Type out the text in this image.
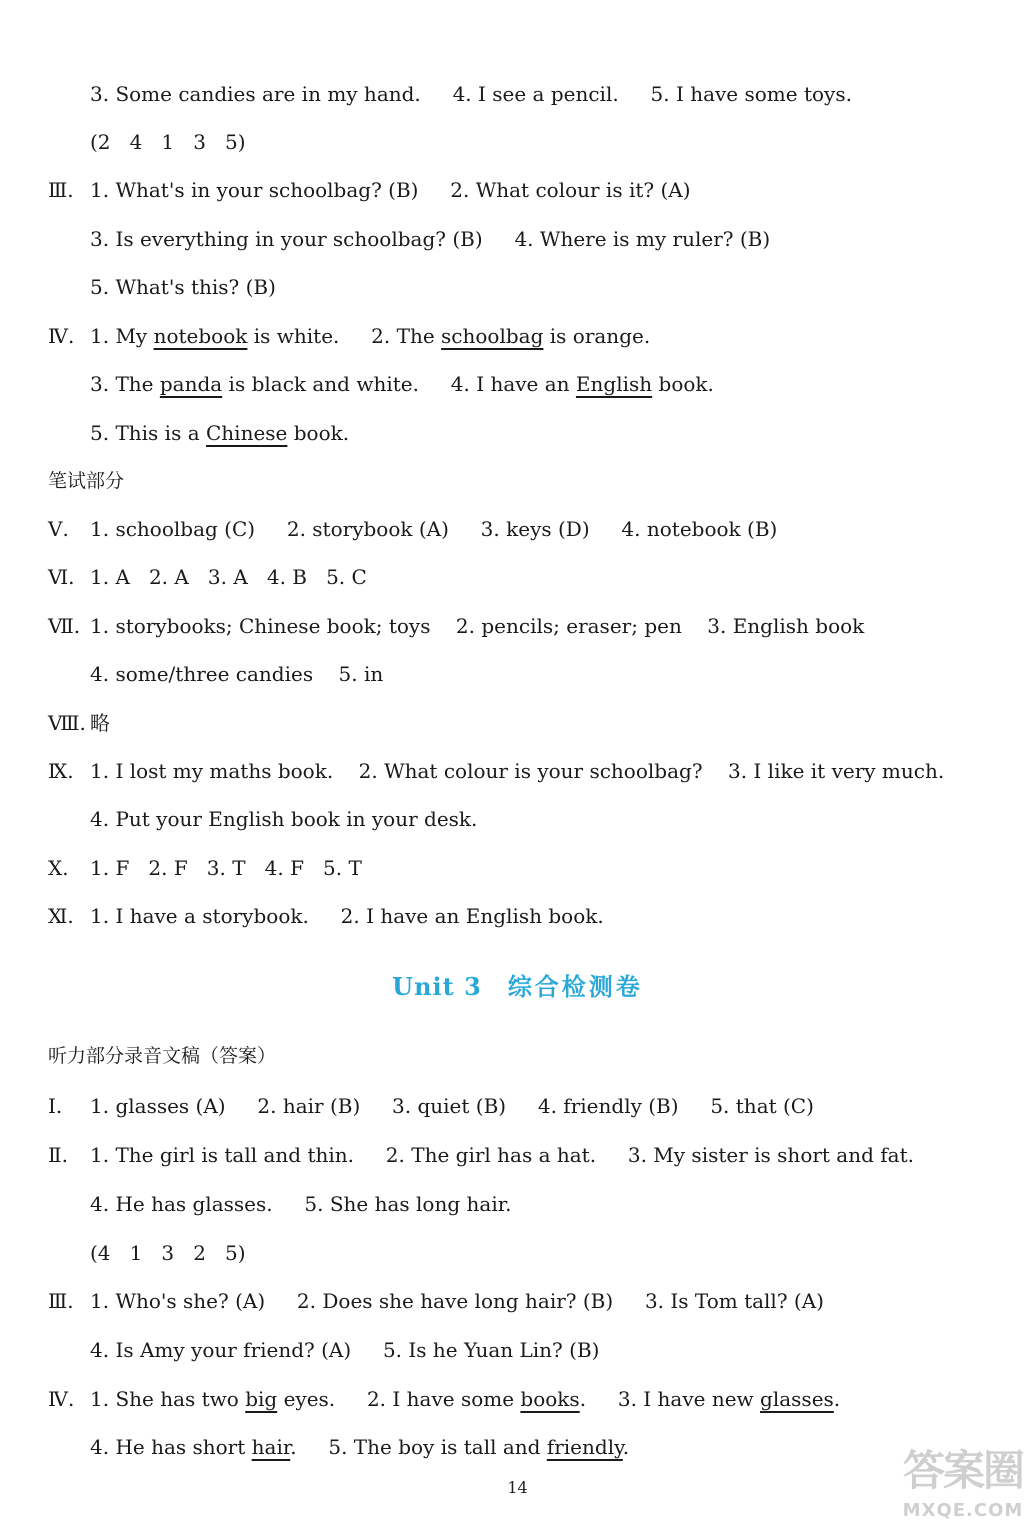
3. Some candies are in my hand.     4. I see a pencil.     5. I have some toys.
(2   4   1   3   5)
Ⅲ. 1. What's in your schoolbag? (B)     2. What colour is it? (A)
3. Is everything in your schoolbag? (B)     4. Where is my ruler? (B)
5. What's this? (B)
Ⅳ. 1. My notebook is white.     2. The schoolbag is orange.
3. The panda is black and white.     4. I have an English book.
5. This is a Chinese book.
笔试部分
Ⅴ. 1. schoolbag (C)     2. storybook (A)     3. keys (D)     4. notebook (B)
Ⅵ. 1. A   2. A   3. A   4. B   5. C
Ⅶ. 1. storybooks; Chinese book; toys    2. pencils; eraser; pen    3. English book
4. some/three candies    5. in
Ⅷ. 略
Ⅸ. 1. I lost my maths book.    2. What colour is your schoolbag?    3. I like it very much.
4. Put your English book in your desk.
Ⅹ. 1. F   2. F   3. T   4. F   5. T
Ⅺ. 1. I have a storybook.     2. I have an English book.
听力部分录音文稿（答案）
Ⅰ. 1. glasses (A)     2. hair (B)     3. quiet (B)     4. friendly (B)     5. that (C)
Ⅱ. 1. The girl is tall and thin.     2. The girl has a hat.     3. My sister is short and fat.
4. He has glasses.     5. She has long hair.
(4   1   3   2   5)
Ⅲ. 1. Who's she? (A)     2. Does she have long hair? (B)     3. Is Tom tall? (A)
4. Is Amy your friend? (A)     5. Is he Yuan Lin? (B)
Ⅳ. 1. She has two big eyes.     2. I have some books.     3. I have new glasses.
4. He has short hair.     5. The boy is tall and friendly.
Unit 3 综合检测卷
14	答案圈
MXQE.COM
